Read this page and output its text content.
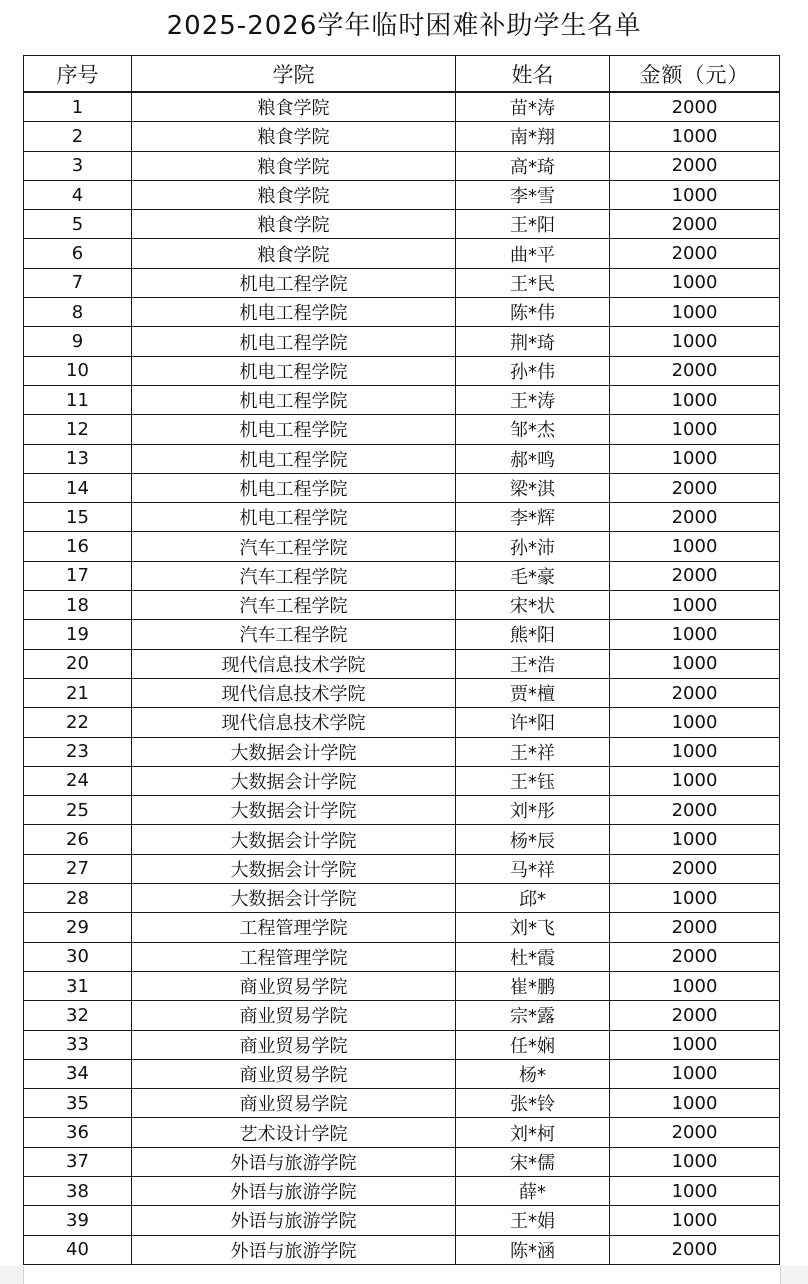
2025-2026学年临时困难补助学生名单
序号	学院	姓名	金额（元）
1	粮食学院	苗*涛	2000
2	粮食学院	南*翔	1000
3	粮食学院	高*琦	2000
4	粮食学院	李*雪	1000
5	粮食学院	王*阳	2000
6	粮食学院	曲*平	2000
7	机电工程学院	王*民	1000
8	机电工程学院	陈*伟	1000
9	机电工程学院	荆*琦	1000
10	机电工程学院	孙*伟	2000
11	机电工程学院	王*涛	1000
12	机电工程学院	邹*杰	1000
13	机电工程学院	郝*鸣	1000
14	机电工程学院	梁*淇	2000
15	机电工程学院	李*辉	2000
16	汽车工程学院	孙*沛	1000
17	汽车工程学院	毛*豪	2000
18	汽车工程学院	宋*状	1000
19	汽车工程学院	熊*阳	1000
20	现代信息技术学院	王*浩	1000
21	现代信息技术学院	贾*檀	2000
22	现代信息技术学院	许*阳	1000
23	大数据会计学院	王*祥	1000
24	大数据会计学院	王*钰	1000
25	大数据会计学院	刘*彤	2000
26	大数据会计学院	杨*辰	1000
27	大数据会计学院	马*祥	2000
28	大数据会计学院	邱*	1000
29	工程管理学院	刘*飞	2000
30	工程管理学院	杜*霞	2000
31	商业贸易学院	崔*鹏	1000
32	商业贸易学院	宗*露	2000
33	商业贸易学院	任*娴	1000
34	商业贸易学院	杨*	1000
35	商业贸易学院	张*铃	1000
36	艺术设计学院	刘*柯	2000
37	外语与旅游学院	宋*儒	1000
38	外语与旅游学院	薛*	1000
39	外语与旅游学院	王*娟	1000
40	外语与旅游学院	陈*涵	2000
